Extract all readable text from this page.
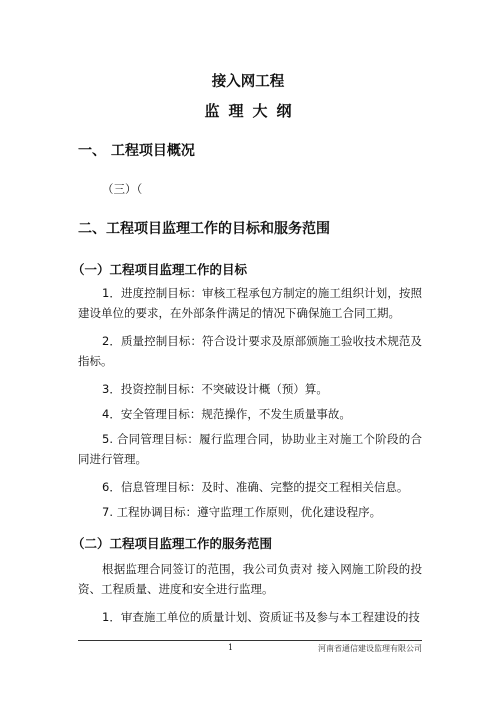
接入网工程
监理大纲
一、 工程项目概况
（三）（
二、工程项目监理工作的目标和服务范围
（一）工程项目监理工作的目标
1．进度控制目标：审核工程承包方制定的施工组织计划，按照建设单位的要求，在外部条件满足的情况下确保施工合同工期。
2．质量控制目标：符合设计要求及原部颁施工验收技术规范及指标。
3．投资控制目标：不突破设计概（预）算。
4．安全管理目标：规范操作，不发生质量事故。
5. 合同管理目标：履行监理合同，协助业主对施工个阶段的合同进行管理。
6．信息管理目标：及时、准确、完整的提交工程相关信息。
7. 工程协调目标：遵守监理工作原则，优化建设程序。
（二）工程项目监理工作的服务范围
根据监理合同签订的范围，我公司负责对 接入网施工阶段的投资、工程质量、进度和安全进行监理。
1．审查施工单位的质量计划、资质证书及参与本工程建设的技
1	河南省通信建设监理有限公司
